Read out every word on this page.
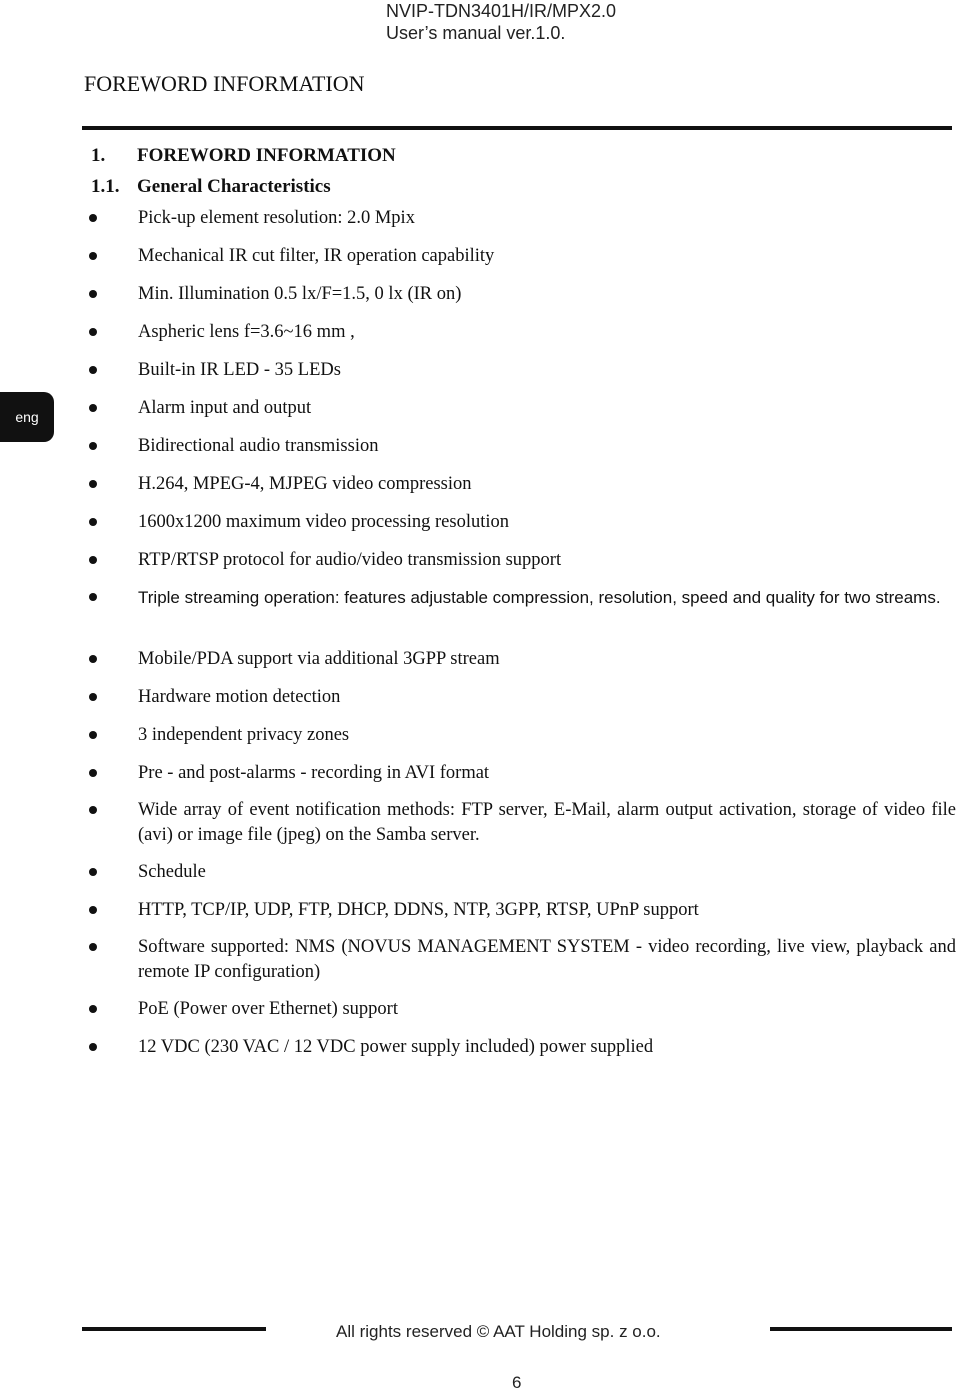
NVIP-TDN3401H/IR/MPX2.0
User’s manual ver.1.0.
FOREWORD INFORMATION
eng
1. FOREWORD INFORMATION
1.1. General Characteristics
Pick-up element resolution: 2.0 Mpix
Mechanical IR cut filter, IR operation capability
Min. Illumination 0.5 lx/F=1.5, 0 lx (IR on)
Aspheric lens f=3.6~16 mm ,
Built-in IR LED - 35 LEDs
Alarm input and output
Bidirectional audio transmission
H.264, MPEG-4, MJPEG video compression
1600x1200 maximum video processing resolution
RTP/RTSP protocol for audio/video transmission support
Triple streaming operation: features adjustable compression, resolution, speed and quality for two streams.
Mobile/PDA support via additional 3GPP stream
Hardware motion detection
3 independent privacy zones
Pre - and post-alarms - recording in AVI format
Wide array of event notification methods: FTP server, E-Mail, alarm output activation, storage of video file (avi) or image file (jpeg) on the Samba server.
Schedule
HTTP, TCP/IP, UDP, FTP, DHCP, DDNS, NTP, 3GPP, RTSP, UPnP support
Software supported: NMS (NOVUS MANAGEMENT SYSTEM - video recording, live view, playback and remote IP configuration)
PoE (Power over Ethernet) support
12 VDC (230 VAC / 12 VDC power supply included) power supplied
All rights reserved © AAT Holding sp. z o.o.
6
